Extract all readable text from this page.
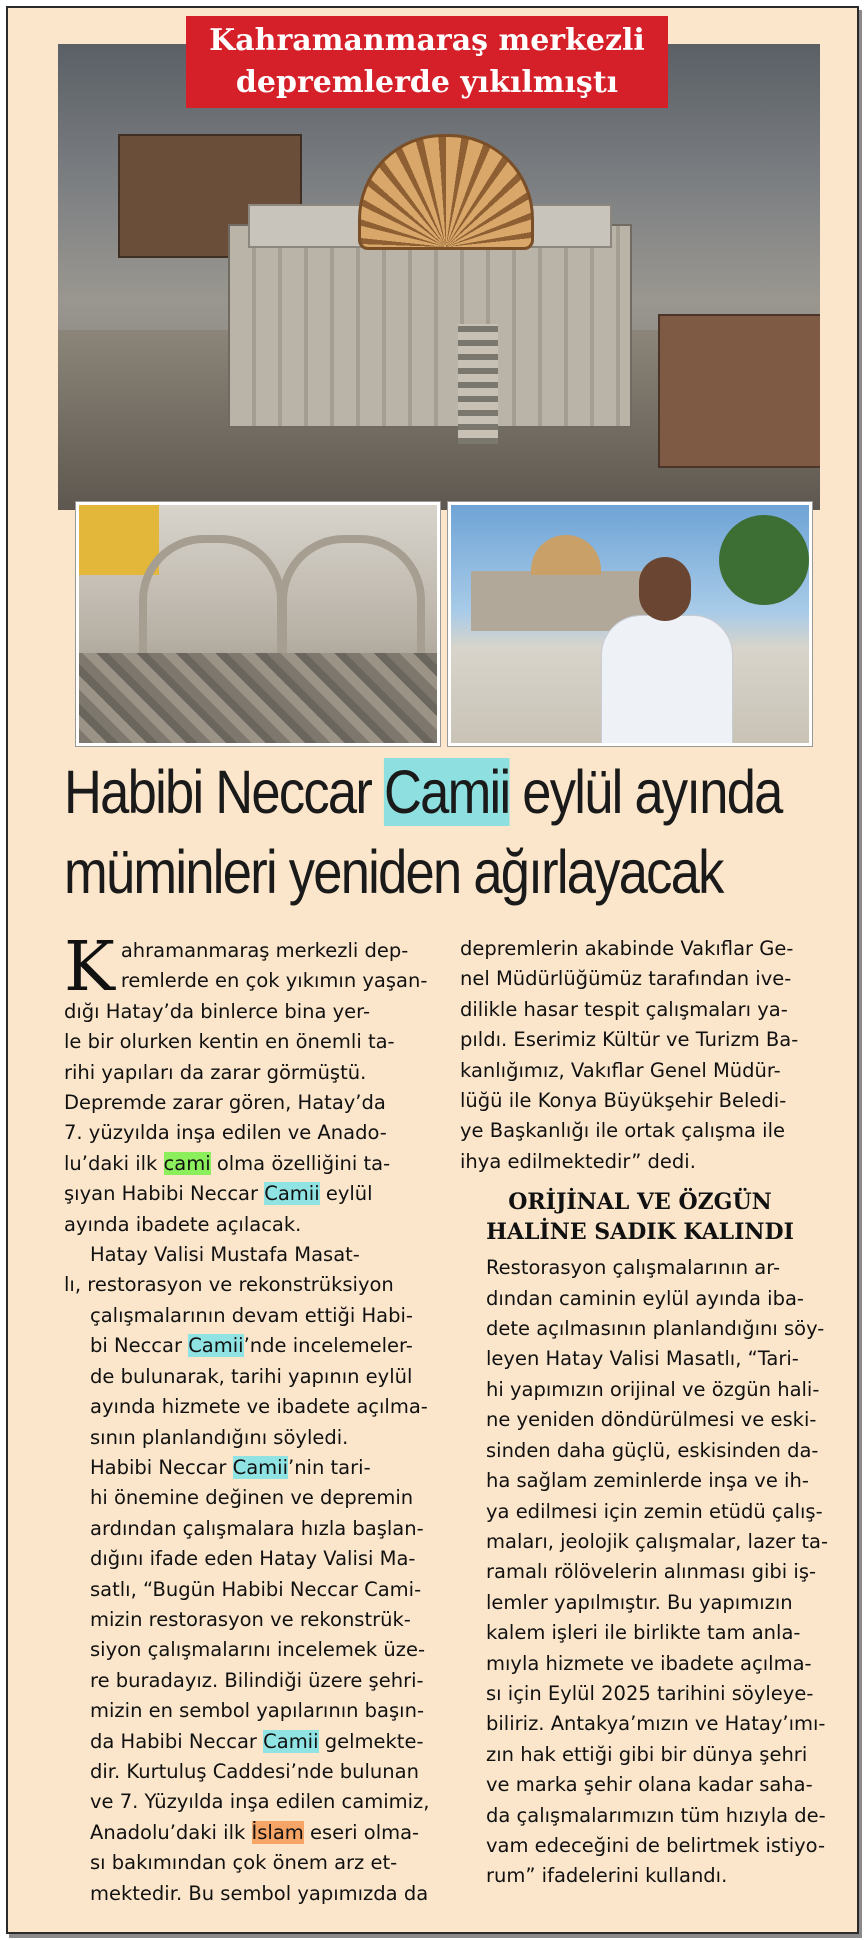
Kahramanmaraş merkezli
depremlerde yıkılmıştı
Habibi Neccar Camii eylül ayında
müminleri yeniden ağırlayacak

K ahramanmaraş merkezli dep-
remlerde en çok yıkımın yaşan-
dığı Hatay’da binlerce bina yer-
le bir olurken kentin en önemli ta-
rihi yapıları da zarar görmüştü.
Depremde zarar gören, Hatay’da
7. yüzyılda inşa edilen ve Anado-
lu’daki ilk cami olma özelliğini ta-
şıyan Habibi Neccar Camii eylül
ayında ibadete açılacak.

Hatay Valisi Mustafa Masat-
lı, restorasyon ve rekonstrüksiyon
çalışmalarının devam ettiği Habi-
bi Neccar Camii’nde incelemeler-
de bulunarak, tarihi yapının eylül
ayında hizmete ve ibadete açılma-
sının planlandığını söyledi.

Habibi Neccar Camii’nin tari-
hi önemine değinen ve depremin
ardından çalışmalara hızla başlan-
dığını ifade eden Hatay Valisi Ma-
satlı, “Bugün Habibi Neccar Cami-
mizin restorasyon ve rekonstrük-
siyon çalışmalarını incelemek üze-
re buradayız. Bilindiği üzere şehri-
mizin en sembol yapılarının başın-
da Habibi Neccar Camii gelmekte-
dir. Kurtuluş Caddesi’nde bulunan
ve 7. Yüzyılda inşa edilen camimiz,
Anadolu’daki ilk İslam eseri olma-
sı bakımından çok önem arz et-
mektedir. Bu sembol yapımızda da

depremlerin akabinde Vakıflar Ge-
nel Müdürlüğümüz tarafından ive-
dilikle hasar tespit çalışmaları ya-
pıldı. Eserimiz Kültür ve Turizm Ba-
kanlığımız, Vakıflar Genel Müdür-
lüğü ile Konya Büyükşehir Beledi-
ye Başkanlığı ile ortak çalışma ile
ihya edilmektedir” dedi.

ORİJİNAL VE ÖZGÜN
HALİNE SADIK KALINDI

Restorasyon çalışmalarının ar-
dından caminin eylül ayında iba-
dete açılmasının planlandığını söy-
leyen Hatay Valisi Masatlı, “Tari-
hi yapımızın orijinal ve özgün hali-
ne yeniden döndürülmesi ve eski-
sinden daha güçlü, eskisinden da-
ha sağlam zeminlerde inşa ve ih-
ya edilmesi için zemin etüdü çalış-
maları, jeolojik çalışmalar, lazer ta-
ramalı rölövelerin alınması gibi iş-
lemler yapılmıştır. Bu yapımızın
kalem işleri ile birlikte tam anla-
mıyla hizmete ve ibadete açılma-
sı için Eylül 2025 tarihini söyleye-
biliriz. Antakya’mızın ve Hatay’ımı-
zın hak ettiği gibi bir dünya şehri
ve marka şehir olana kadar saha-
da çalışmalarımızın tüm hızıyla de-
vam edeceğini de belirtmek istiyo-
rum” ifadelerini kullandı.
